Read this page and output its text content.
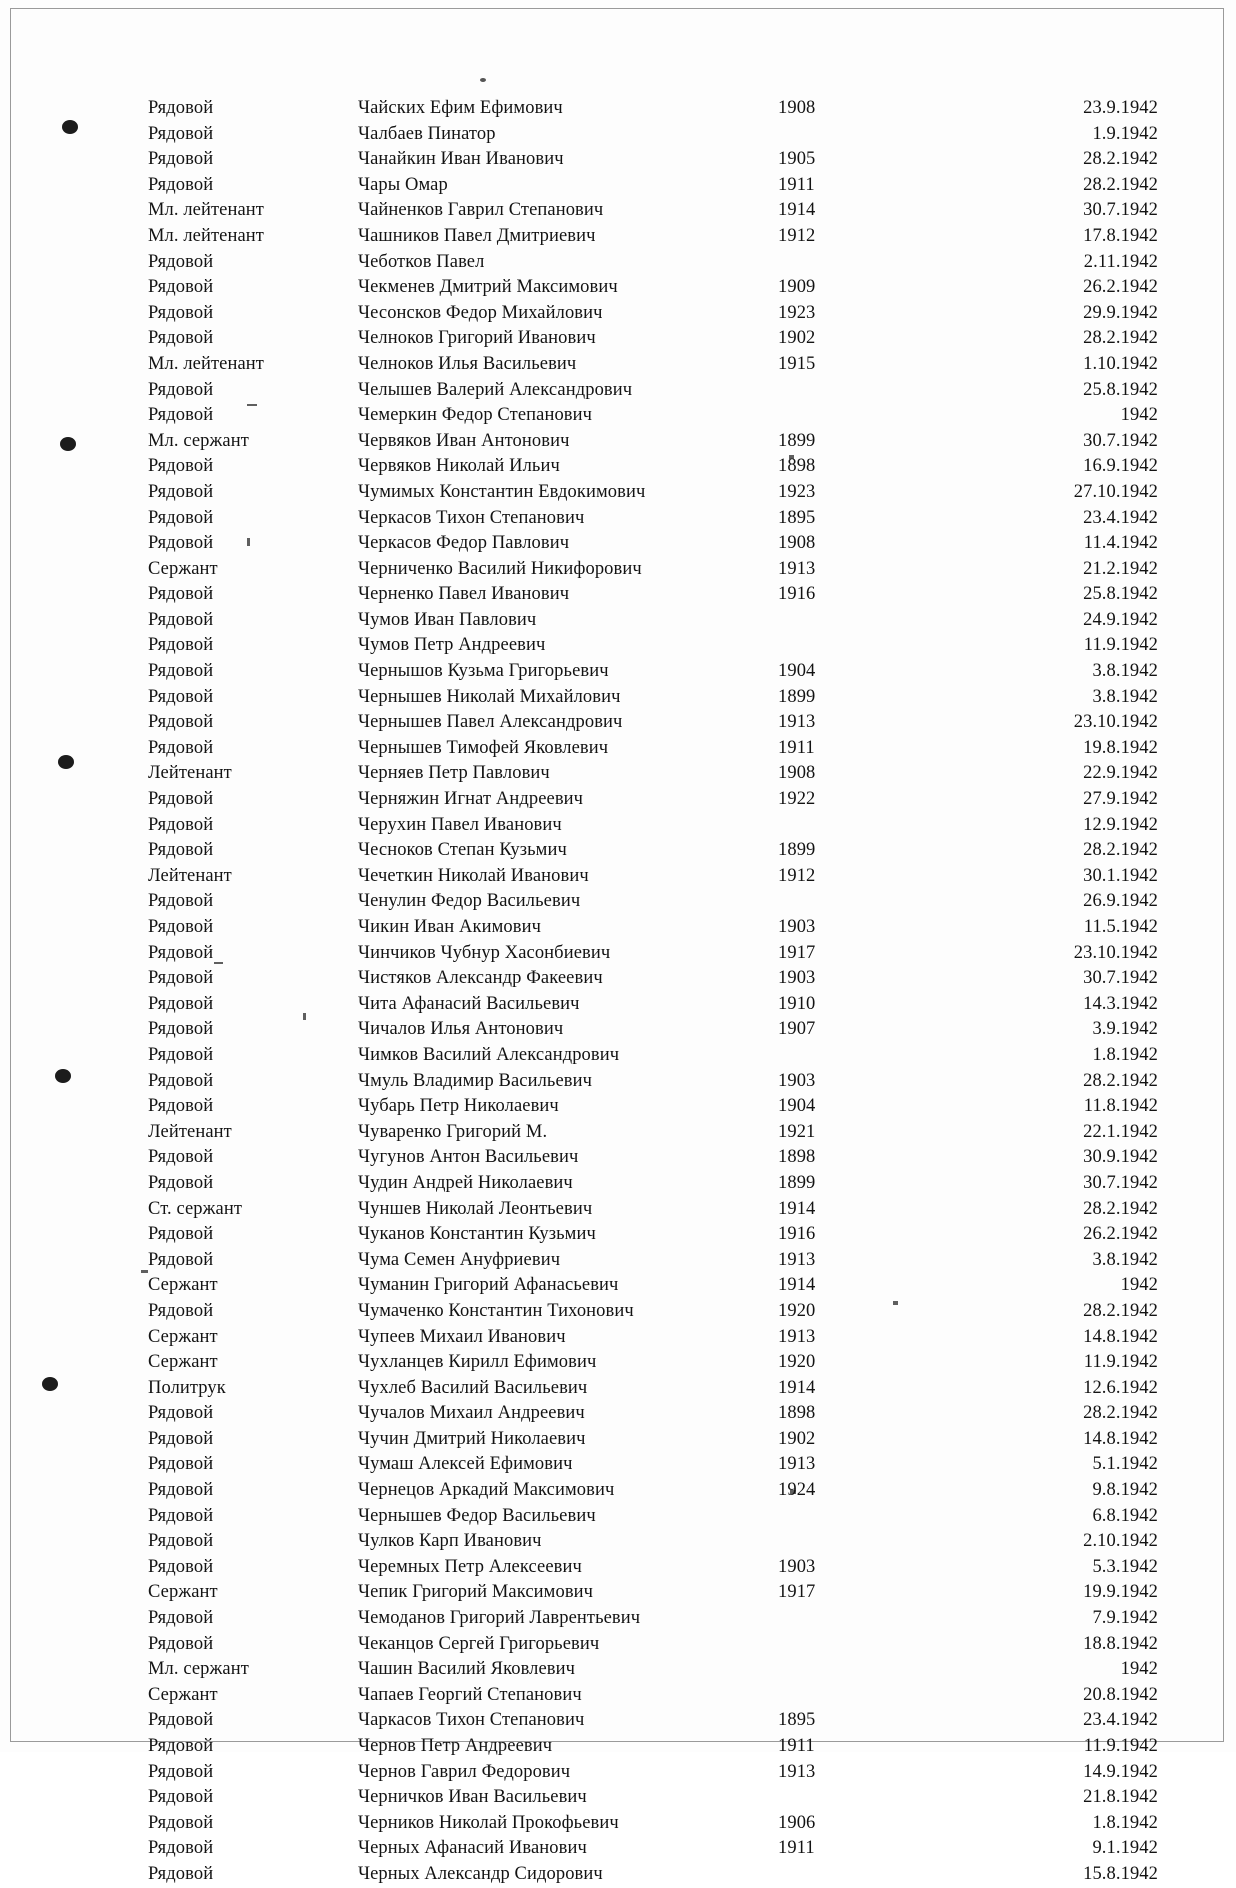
Рядовой	Чайских Ефим Ефимович	1908	23.9.1942
Рядовой	Чалбаев Пинатор		1.9.1942
Рядовой	Чанайкин Иван Иванович	1905	28.2.1942
Рядовой	Чары Омар	1911	28.2.1942
Мл. лейтенант	Чайненков Гаврил Степанович	1914	30.7.1942
Мл. лейтенант	Чашников Павел Дмитриевич	1912	17.8.1942
Рядовой	Чеботков Павел		2.11.1942
Рядовой	Чекменев Дмитрий Максимович	1909	26.2.1942
Рядовой	Чесонсков Федор Михайлович	1923	29.9.1942
Рядовой	Челноков Григорий Иванович	1902	28.2.1942
Мл. лейтенант	Челноков Илья Васильевич	1915	1.10.1942
Рядовой	Челышев Валерий Александрович		25.8.1942
Рядовой	Чемеркин Федор Степанович		1942
Мл. сержант	Червяков Иван Антонович	1899	30.7.1942
Рядовой	Червяков Николай Ильич	1898	16.9.1942
Рядовой	Чумимых Константин Евдокимович	1923	27.10.1942
Рядовой	Черкасов Тихон Степанович	1895	23.4.1942
Рядовой	Черкасов Федор Павлович	1908	11.4.1942
Сержант	Черниченко Василий Никифорович	1913	21.2.1942
Рядовой	Черненко Павел Иванович	1916	25.8.1942
Рядовой	Чумов Иван Павлович		24.9.1942
Рядовой	Чумов Петр Андреевич		11.9.1942
Рядовой	Чернышов Кузьма Григорьевич	1904	3.8.1942
Рядовой	Чернышев Николай Михайлович	1899	3.8.1942
Рядовой	Чернышев Павел Александрович	1913	23.10.1942
Рядовой	Чернышев Тимофей Яковлевич	1911	19.8.1942
Лейтенант	Черняев Петр Павлович	1908	22.9.1942
Рядовой	Черняжин Игнат Андреевич	1922	27.9.1942
Рядовой	Черухин Павел Иванович		12.9.1942
Рядовой	Чесноков Степан Кузьмич	1899	28.2.1942
Лейтенант	Чечеткин Николай Иванович	1912	30.1.1942
Рядовой	Ченулин Федор Васильевич		26.9.1942
Рядовой	Чикин Иван Акимович	1903	11.5.1942
Рядовой	Чинчиков Чубнур Хасонбиевич	1917	23.10.1942
Рядовой	Чистяков Александр Факеевич	1903	30.7.1942
Рядовой	Чита Афанасий Васильевич	1910	14.3.1942
Рядовой	Чичалов Илья Антонович	1907	3.9.1942
Рядовой	Чимков Василий Александрович		1.8.1942
Рядовой	Чмуль Владимир Васильевич	1903	28.2.1942
Рядовой	Чубарь Петр Николаевич	1904	11.8.1942
Лейтенант	Чуваренко Григорий М.	1921	22.1.1942
Рядовой	Чугунов Антон Васильевич	1898	30.9.1942
Рядовой	Чудин Андрей Николаевич	1899	30.7.1942
Ст. сержант	Чуншев Николай Леонтьевич	1914	28.2.1942
Рядовой	Чуканов Константин Кузьмич	1916	26.2.1942
Рядовой	Чума Семен Ануфриевич	1913	3.8.1942
Сержант	Чуманин Григорий Афанасьевич	1914	1942
Рядовой	Чумаченко Константин Тихонович	1920	28.2.1942
Сержант	Чупеев Михаил Иванович	1913	14.8.1942
Сержант	Чухланцев Кирилл Ефимович	1920	11.9.1942
Политрук	Чухлеб Василий Васильевич	1914	12.6.1942
Рядовой	Чучалов Михаил Андреевич	1898	28.2.1942
Рядовой	Чучин Дмитрий Николаевич	1902	14.8.1942
Рядовой	Чумаш Алексей Ефимович	1913	5.1.1942
Рядовой	Чернецов Аркадий Максимович	1924	9.8.1942
Рядовой	Чернышев Федор Васильевич		6.8.1942
Рядовой	Чулков Карп Иванович		2.10.1942
Рядовой	Черемных Петр Алексеевич	1903	5.3.1942
Сержант	Чепик Григорий Максимович	1917	19.9.1942
Рядовой	Чемоданов Григорий Лаврентьевич		7.9.1942
Рядовой	Чеканцов Сергей Григорьевич		18.8.1942
Мл. сержант	Чашин Василий Яковлевич		1942
Сержант	Чапаев Георгий Степанович		20.8.1942
Рядовой	Чаркасов Тихон Степанович	1895	23.4.1942
Рядовой	Чернов Петр Андреевич	1911	11.9.1942
Рядовой	Чернов Гаврил Федорович	1913	14.9.1942
Рядовой	Черничков Иван Васильевич		21.8.1942
Рядовой	Черников Николай Прокофьевич	1906	1.8.1942
Рядовой	Черных Афанасий Иванович	1911	9.1.1942
Рядовой	Черных Александр Сидорович		15.8.1942
